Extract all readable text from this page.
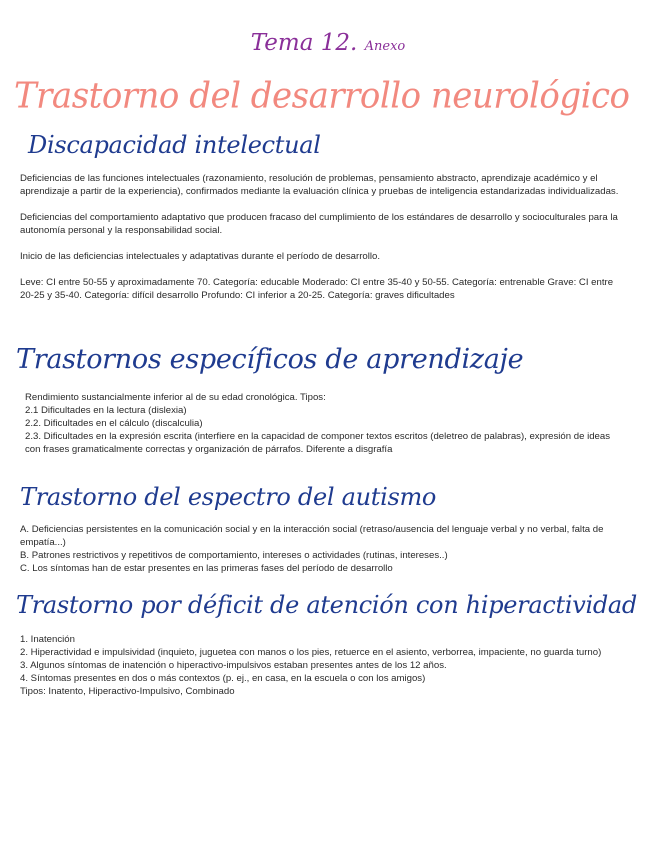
Tema 12. Anexo
Trastorno del desarrollo neurológico
Discapacidad intelectual

Deficiencias de las funciones intelectuales (razonamiento, resolución de problemas, pensamiento abstracto, aprendizaje académico y el aprendizaje a partir de la experiencia), confirmados mediante la evaluación clínica y pruebas de inteligencia estandarizadas individualizadas.

Deficiencias del comportamiento adaptativo que producen fracaso del cumplimiento de los estándares de desarrollo y socioculturales para la autonomía personal y la responsabilidad social.

Inicio de las deficiencias intelectuales y adaptativas durante el período de desarrollo.

Leve: CI entre 50-55 y aproximadamente 70. Categoría: educable Moderado: CI entre 35-40 y 50-55. Categoría: entrenable Grave: CI entre 20-25 y 35-40. Categoría: difícil desarrollo Profundo: CI inferior a 20-25. Categoría: graves dificultades

Trastornos específicos de aprendizaje

Rendimiento sustancialmente inferior al de su edad cronológica. Tipos:

2.1 Dificultades en la lectura (dislexia)

2.2. Dificultades en el cálculo (discalculia)

2.3. Dificultades en la expresión escrita (interfiere en la capacidad de componer textos escritos (deletreo de palabras), expresión de ideas con frases gramaticalmente correctas y organización de párrafos. Diferente a disgrafía

Trastorno del espectro del autismo

A. Deficiencias persistentes en la comunicación social y en la interacción social (retraso/ausencia del lenguaje verbal y no verbal, falta de empatía...)

B. Patrones restrictivos y repetitivos de comportamiento, intereses o actividades (rutinas, intereses..)

C. Los síntomas han de estar presentes en las primeras fases del período de desarrollo

Trastorno por déficit de atención con hiperactividad

1. Inatención

2. Hiperactividad e impulsividad (inquieto, juguetea con manos o los pies, retuerce en el asiento, verborrea, impaciente, no guarda turno)

3. Algunos síntomas de inatención o hiperactivo-impulsivos estaban presentes antes de los 12 años.

4. Síntomas presentes en dos o más contextos (p. ej., en casa, en la escuela o con los amigos)

Tipos: Inatento, Hiperactivo-Impulsivo, Combinado
